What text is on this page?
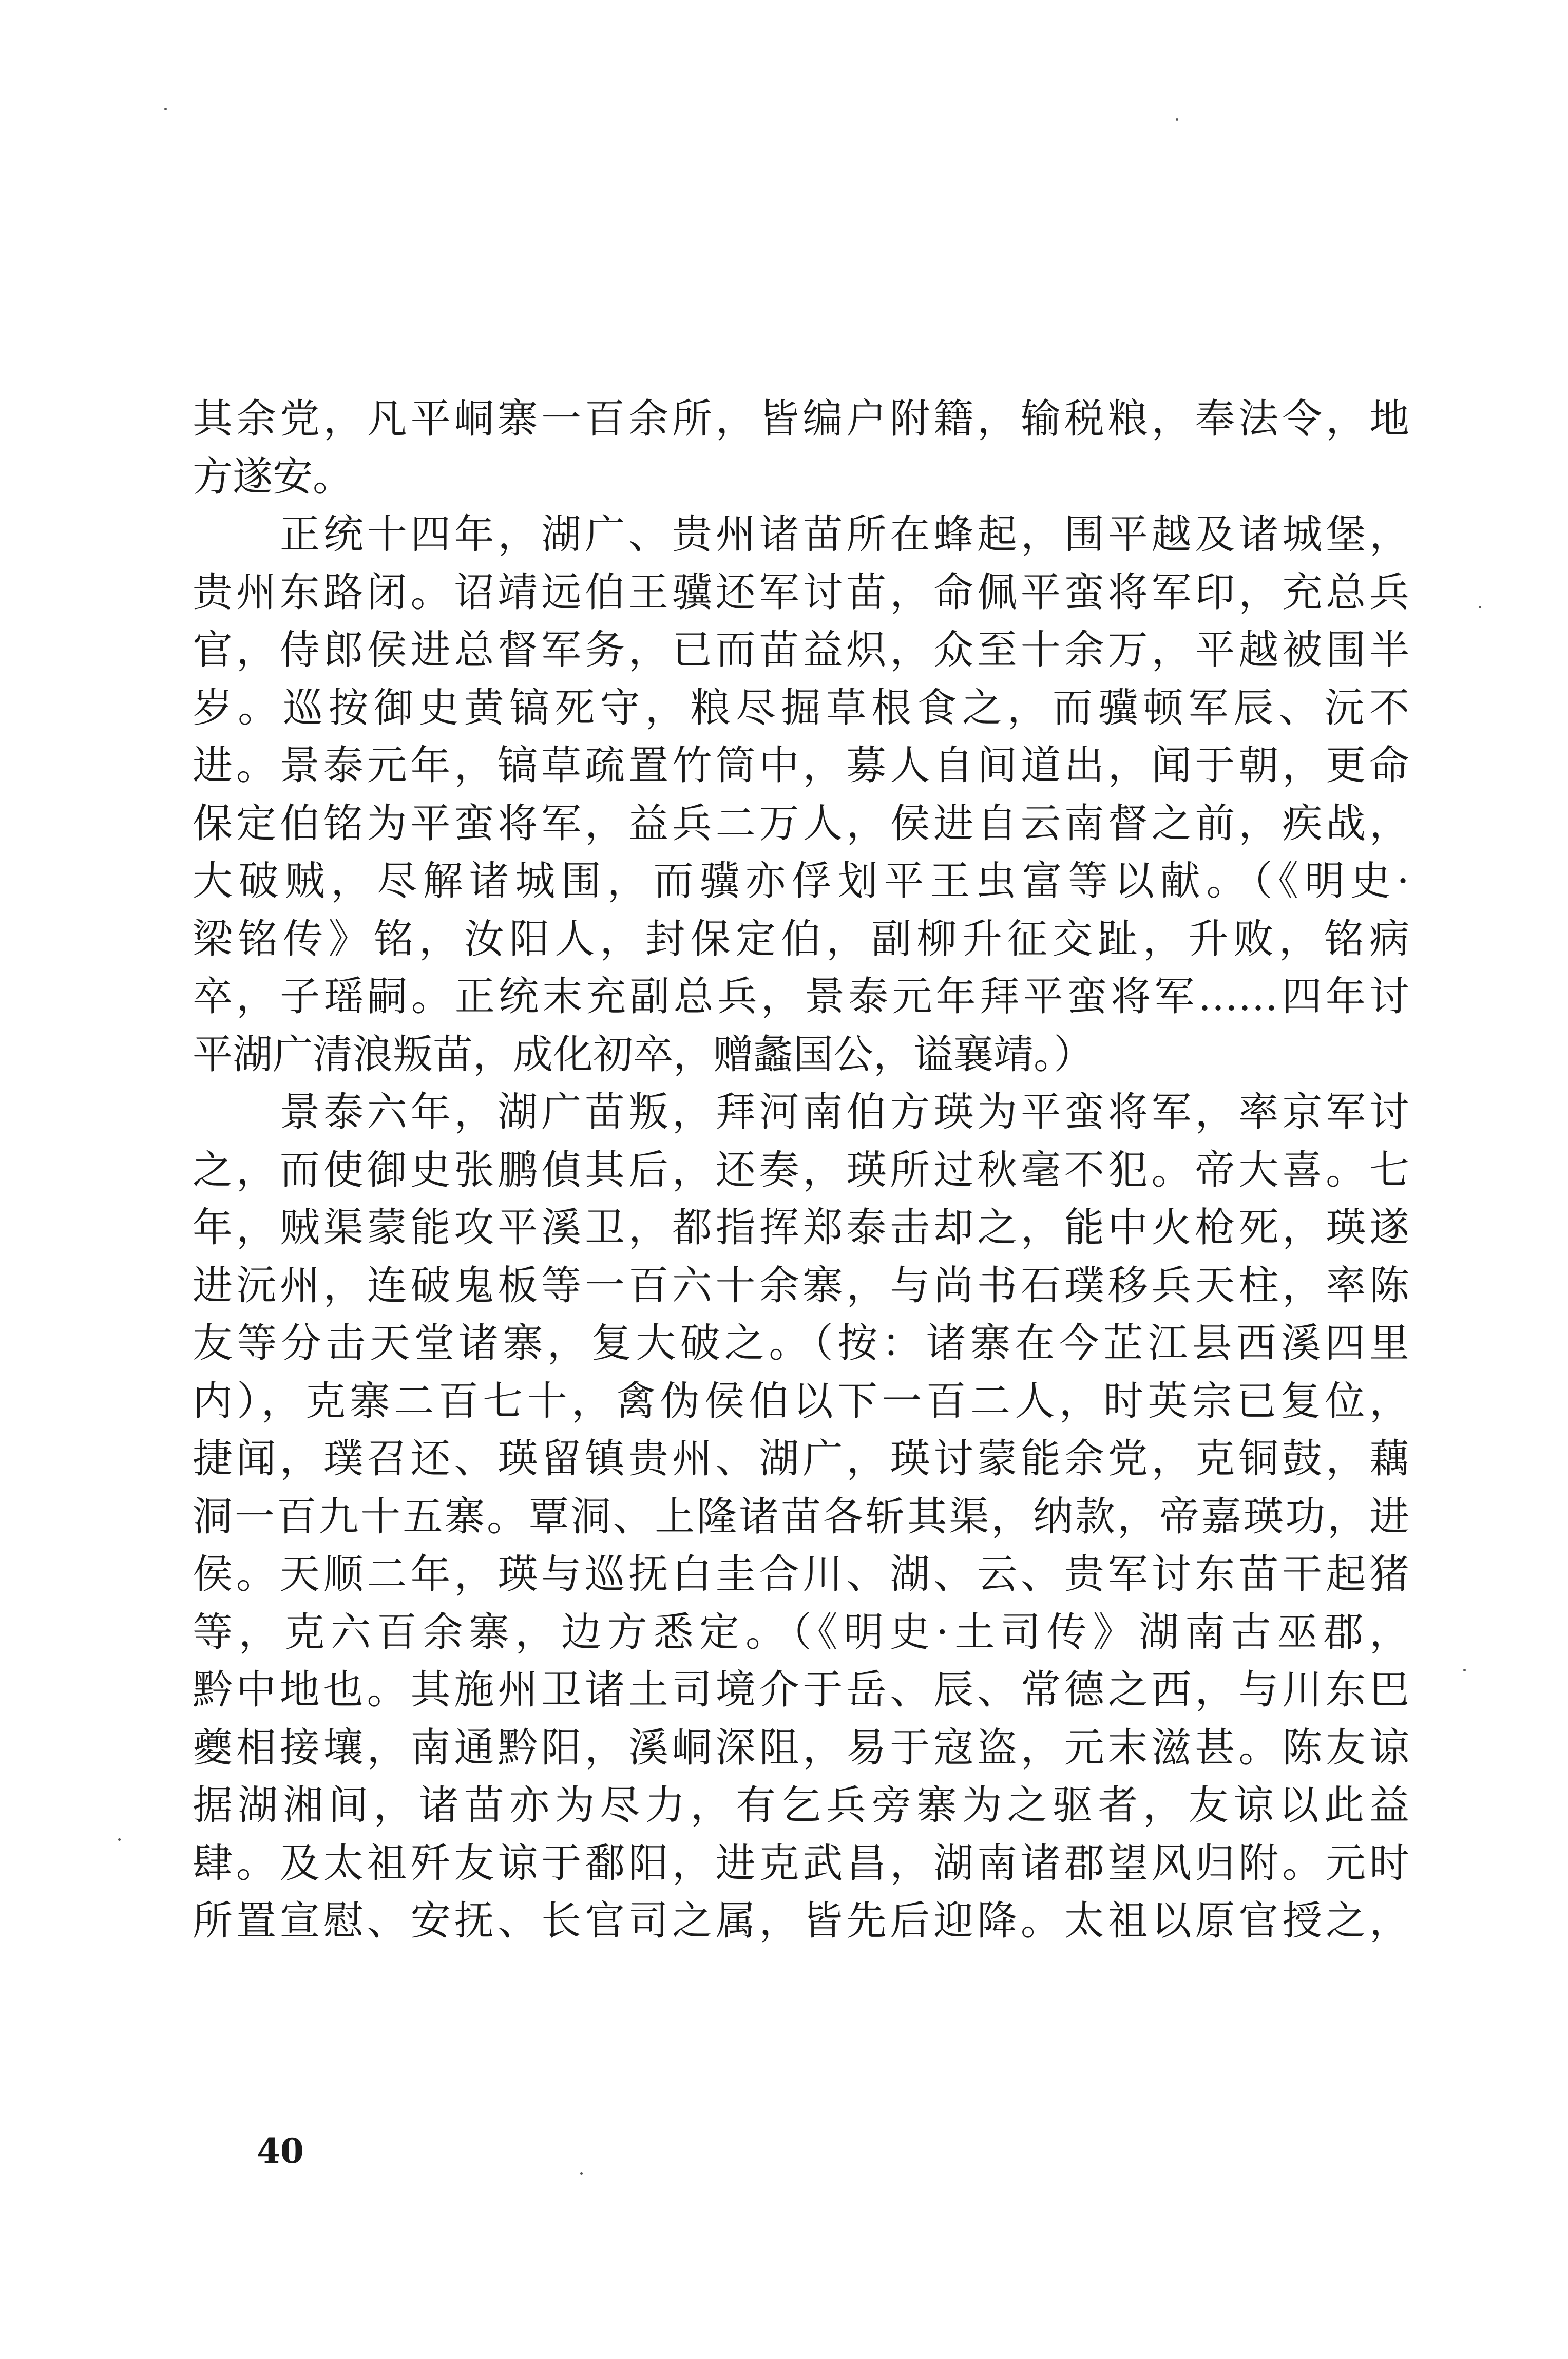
其余党，凡平峒寨一百余所，皆编户附籍，输税粮，奉法令，地
方遂安。
正统十四年，湖广、贵州诸苗所在蜂起，围平越及诸城堡，
贵州东路闭。诏靖远伯王骥还军讨苗，命佩平蛮将军印，充总兵
官，侍郎侯进总督军务，已而苗益炽，众至十余万，平越被围半
岁。巡按御史黄镐死守，粮尽掘草根食之，而骥顿军辰、沅不
进。景泰元年，镐草疏置竹筒中，募人自间道出，闻于朝，更命
保定伯铭为平蛮将军，益兵二万人，侯进自云南督之前，疾战，
大破贼，尽解诸城围，而骥亦俘划平王虫富等以献。（《明史·
梁铭传》铭，汝阳人，封保定伯，副柳升征交趾，升败，铭病
卒，子瑶嗣。正统末充副总兵，景泰元年拜平蛮将军……四年讨
平湖广清浪叛苗，成化初卒，赠蠡国公，谥襄靖。）
景泰六年，湖广苗叛，拜河南伯方瑛为平蛮将军，率京军讨
之，而使御史张鹏偵其后，还奏，瑛所过秋毫不犯。帝大喜。七
年，贼渠蒙能攻平溪卫，都指挥郑泰击却之，能中火枪死，瑛遂
进沅州，连破鬼板等一百六十余寨，与尚书石璞移兵天柱，率陈
友等分击天堂诸寨，复大破之。（按：诸寨在今芷江县西溪四里
内），克寨二百七十，禽伪侯伯以下一百二人，时英宗已复位，
捷闻，璞召还、瑛留镇贵州、湖广，瑛讨蒙能余党，克铜鼓，藕
洞一百九十五寨。覃洞、上隆诸苗各斩其渠，纳款，帝嘉瑛功，进
侯。天顺二年，瑛与巡抚白圭合川、湖、云、贵军讨东苗干起猪
等，克六百余寨，边方悉定。（《明史·土司传》湖南古巫郡，
黔中地也。其施州卫诸土司境介于岳、辰、常德之西，与川东巴
夔相接壤，南通黔阳，溪峒深阻，易于寇盗，元末滋甚。陈友谅
据湖湘间，诸苗亦为尽力，有乞兵旁寨为之驱者，友谅以此益
肆。及太祖歼友谅于鄱阳，进克武昌，湖南诸郡望风归附。元时
所置宣慰、安抚、长官司之属，皆先后迎降。太祖以原官授之，
40
